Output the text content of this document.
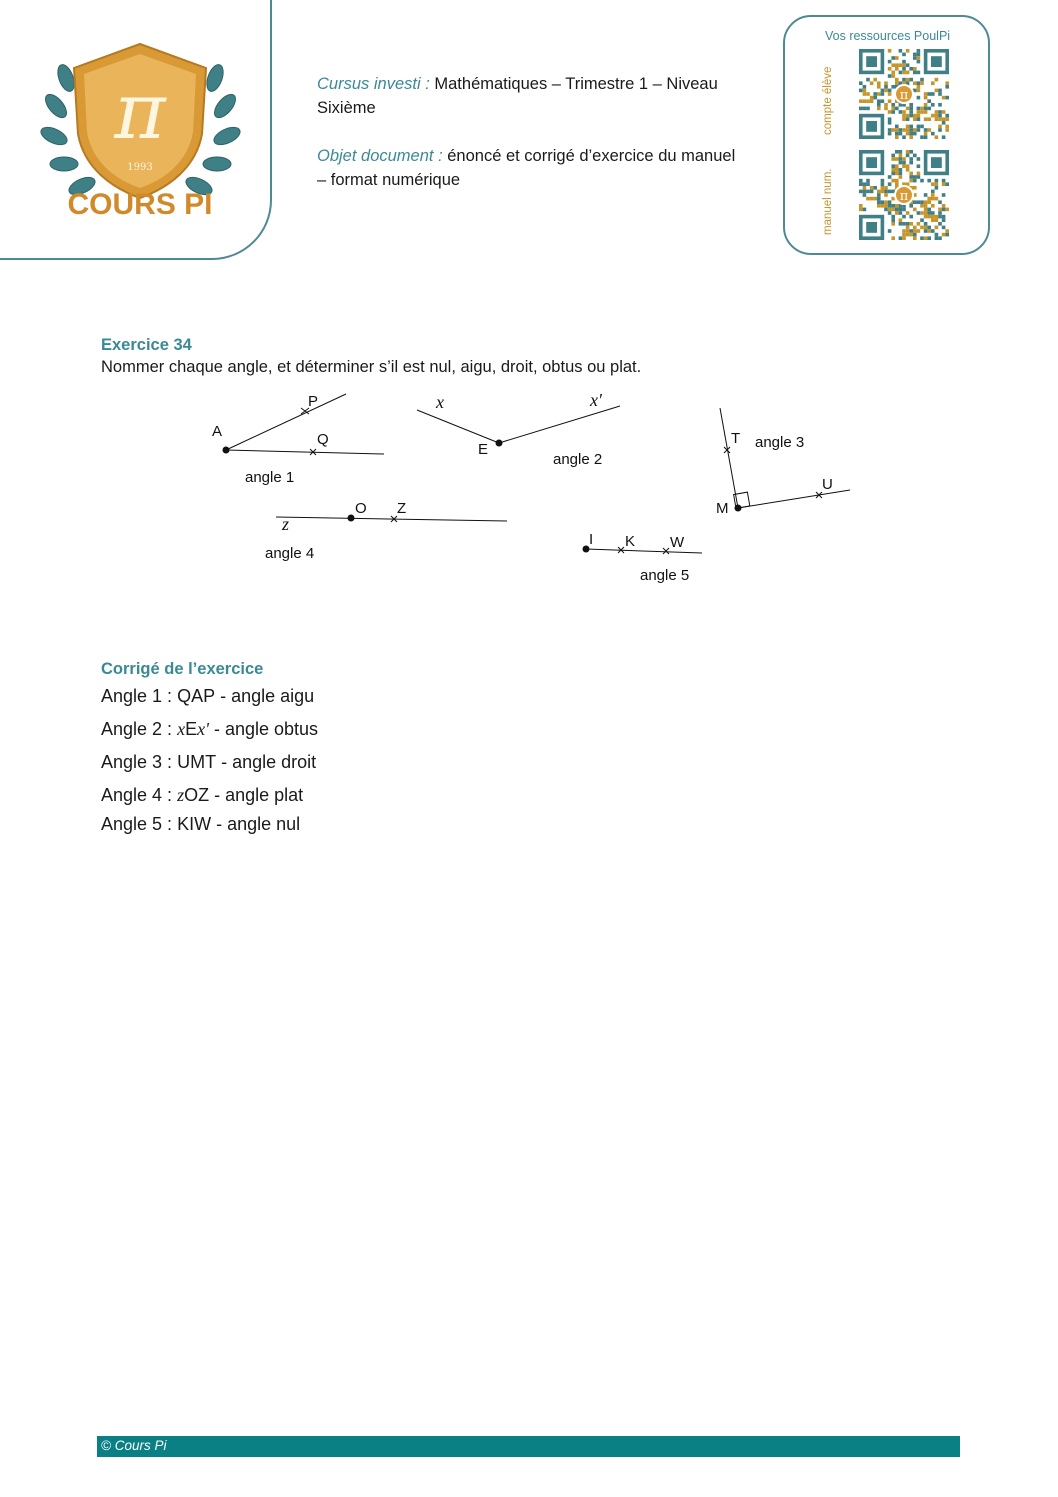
π
1993
COURS PI

Cursus investi : Mathématiques – Trimestre 1 – Niveau Sixième

Objet document : énoncé et corrigé d’exercice du manuel – format numérique

Vos ressources PoulPi
compte élève
manuel num.
π
π
Exercice 34
Nommer chaque angle, et déterminer s’il est nul, aigu, droit, obtus ou plat.
A
P
Q
angle 1
x	x′
E
angle 2
T
U
M
angle 3
z
O Z
angle 4
I K W
angle 5
Corrigé de l’exercice
Angle 1 : QAP - angle aigu
Angle 2 : xEx' - angle obtus
Angle 3 : UMT - angle droit
Angle 4 : zOZ - angle plat
Angle 5 : KIW - angle nul
© Cours Pi
